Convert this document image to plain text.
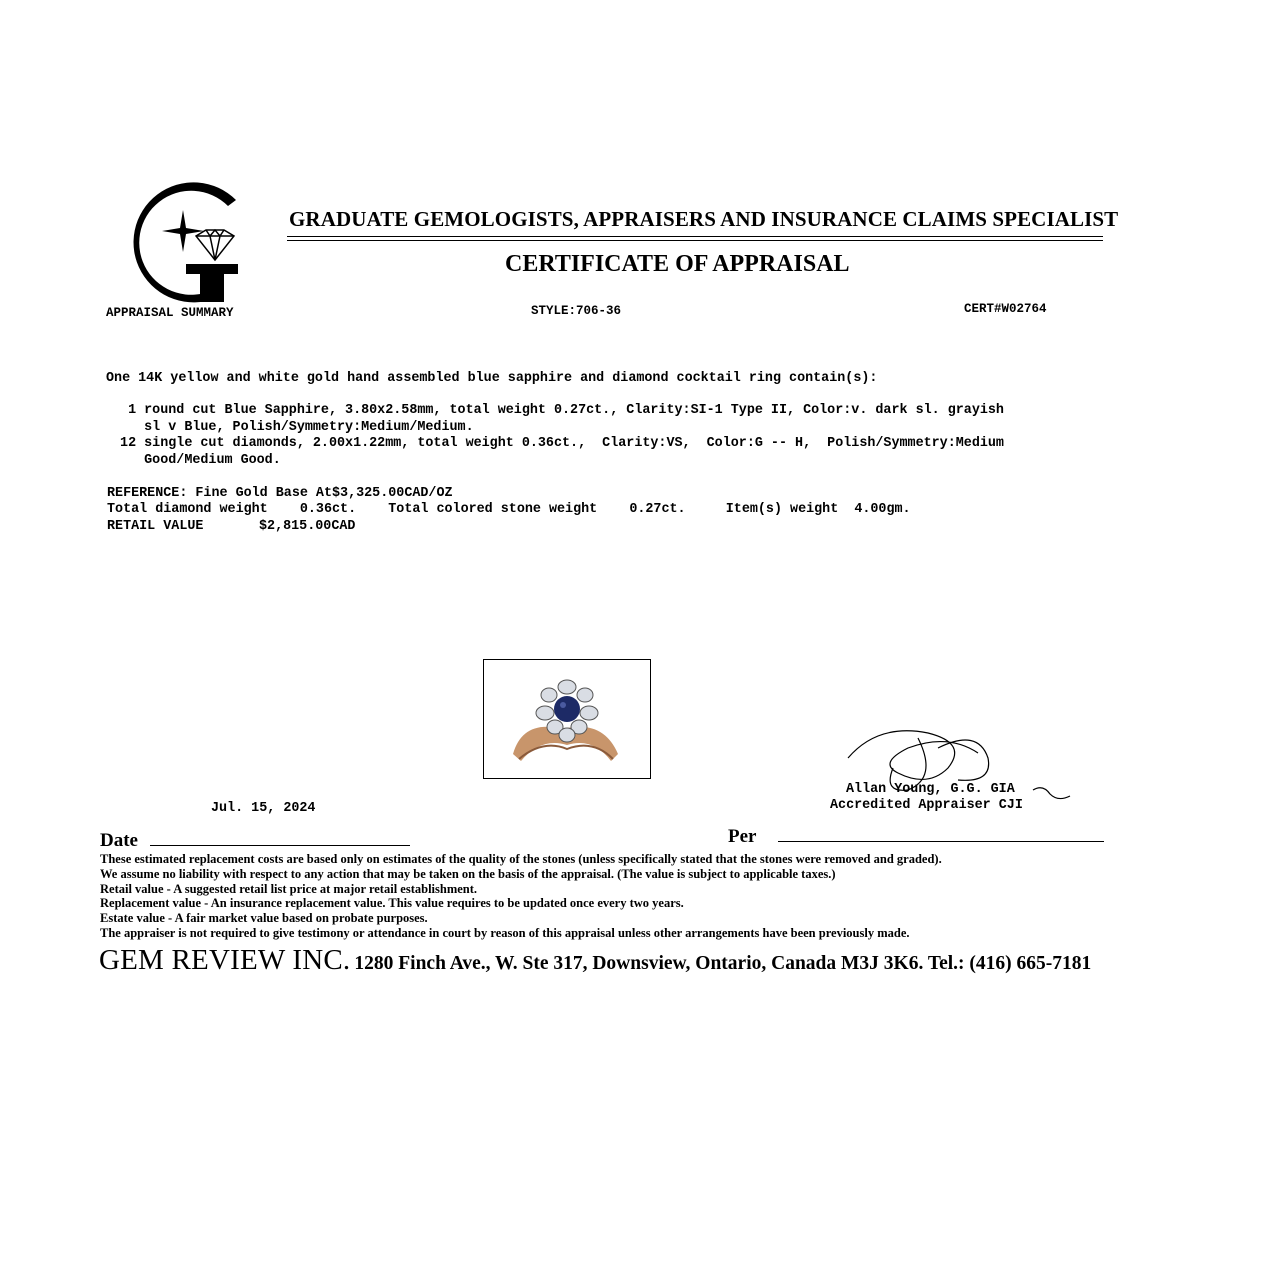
GRADUATE GEMOLOGISTS, APPRAISERS AND INSURANCE CLAIMS SPECIALIST
CERTIFICATE OF APPRAISAL
APPRAISAL SUMMARY	STYLE:706-36	CERT#W02764
One 14K yellow and white gold hand assembled blue sapphire and diamond cocktail ring contain(s):
1 round cut Blue Sapphire, 3.80x2.58mm, total weight 0.27ct., Clarity:SI-1 Type II, Color:v. dark sl. grayish
sl v Blue, Polish/Symmetry:Medium/Medium.
12 single cut diamonds, 2.00x1.22mm, total weight 0.36ct.,  Clarity:VS,  Color:G -- H,  Polish/Symmetry:Medium
Good/Medium Good.
REFERENCE: Fine Gold Base At$3,325.00CAD/OZ
Total diamond weight    0.36ct.    Total colored stone weight    0.27ct.     Item(s) weight  4.00gm.
RETAIL VALUE	$2,815.00CAD
Allan Young, G.G. GIA
Accredited Appraiser CJI
Jul. 15, 2024
Date	Per
These estimated replacement costs are based only on estimates of the quality of the stones (unless specifically stated that the stones were removed and graded).
We assume no liability with respect to any action that may be taken on the basis of the appraisal. (The value is subject to applicable taxes.)
Retail value - A suggested retail list price at major retail establishment.
Replacement value - An insurance replacement value. This value requires to be updated once every two years.
Estate value - A fair market value based on probate purposes.
The appraiser is not required to give testimony or attendance in court by reason of this appraisal unless other arrangements have been previously made.
GEM REVIEW INC. 1280 Finch Ave., W. Ste 317, Downsview, Ontario, Canada M3J 3K6. Tel.: (416) 665-7181
